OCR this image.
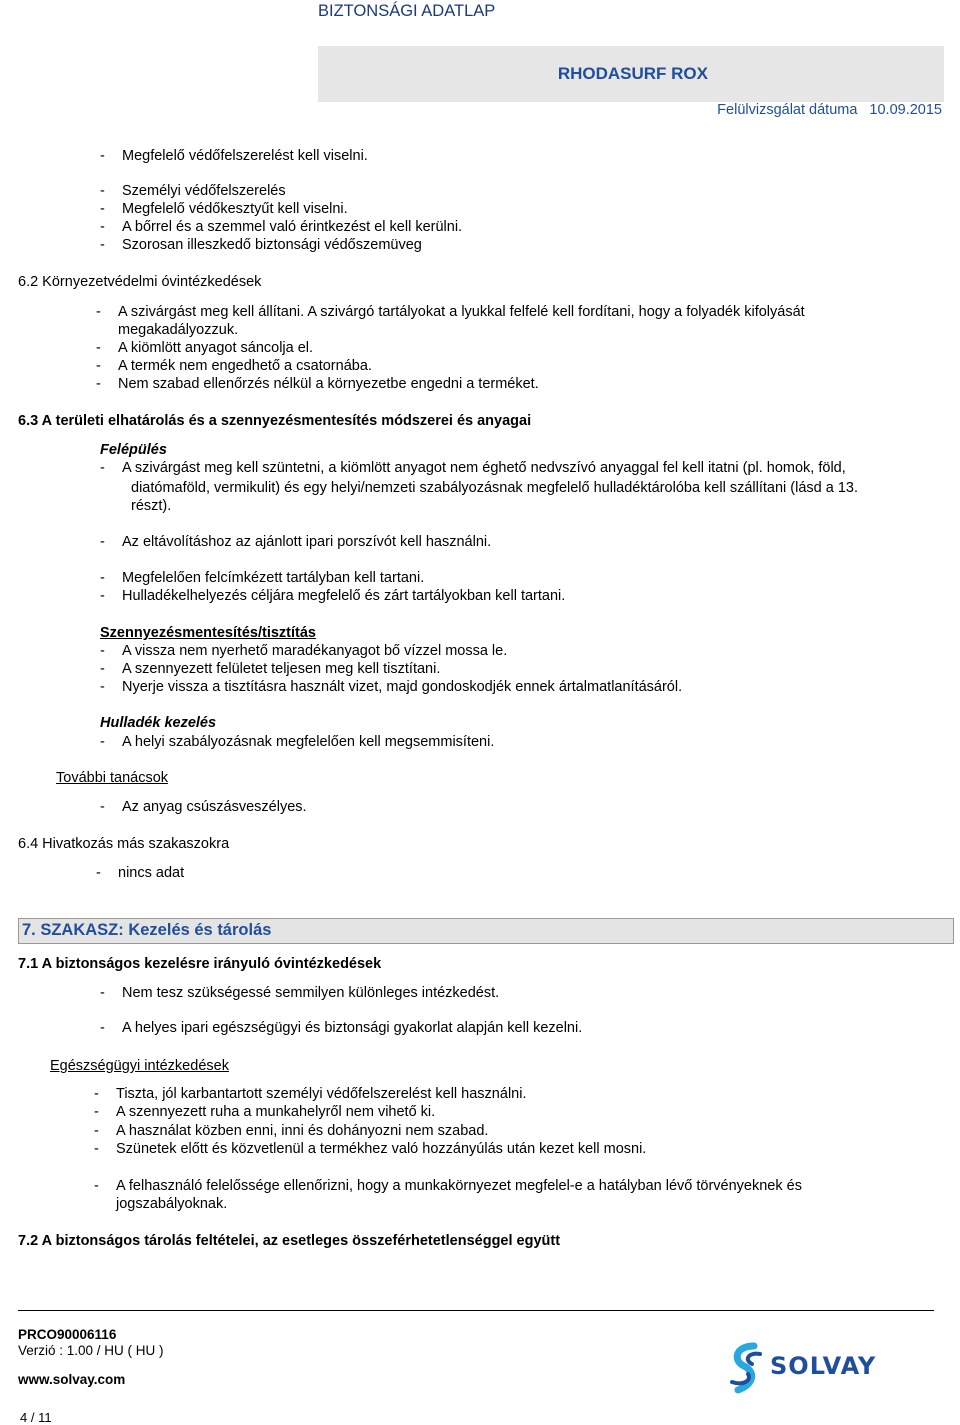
BIZTONSÁGI ADATLAP
RHODASURF ROX
Felülvizsgálat dátuma 10.09.2015
- Megfelelő védőfelszerelést kell viselni.
- Személyi védőfelszerelés
- Megfelelő védőkesztyűt kell viselni.
- A bőrrel és a szemmel való érintkezést el kell kerülni.
- Szorosan illeszkedő biztonsági védőszemüveg
6.2 Környezetvédelmi óvintézkedések
- A szivárgást meg kell állítani. A szivárgó tartályokat a lyukkal felfelé kell fordítani, hogy a folyadék kifolyását
megakadályozzuk.
- A kiömlött anyagot sáncolja el.
- A termék nem engedhető a csatornába.
- Nem szabad ellenőrzés nélkül a környezetbe engedni a terméket.
6.3 A területi elhatárolás és a szennyezésmentesítés módszerei és anyagai
Felépülés
- A szivárgást meg kell szüntetni, a kiömlött anyagot nem éghető nedvszívó anyaggal fel kell itatni (pl. homok, föld,
diatómaföld, vermikulit) és egy helyi/nemzeti szabályozásnak megfelelő hulladéktárolóba kell szállítani (lásd a 13.
részt).
- Az eltávolításhoz az ajánlott ipari porszívót kell használni.
- Megfelelően felcímkézett tartályban kell tartani.
- Hulladékelhelyezés céljára megfelelő és zárt tartályokban kell tartani.
Szennyezésmentesítés/tisztítás
- A vissza nem nyerhető maradékanyagot bő vízzel mossa le.
- A szennyezett felületet teljesen meg kell tisztítani.
- Nyerje vissza a tisztításra használt vizet, majd gondoskodjék ennek ártalmatlanításáról.
Hulladék kezelés
- A helyi szabályozásnak megfelelően kell megsemmisíteni.
További tanácsok
- Az anyag csúszásveszélyes.
6.4 Hivatkozás más szakaszokra
- nincs adat
7. SZAKASZ: Kezelés és tárolás
7.1 A biztonságos kezelésre irányuló óvintézkedések
- Nem tesz szükségessé semmilyen különleges intézkedést.
- A helyes ipari egészségügyi és biztonsági gyakorlat alapján kell kezelni.
Egészségügyi intézkedések
- Tiszta, jól karbantartott személyi védőfelszerelést kell használni.
- A szennyezett ruha a munkahelyről nem vihető ki.
- A használat közben enni, inni és dohányozni nem szabad.
- Szünetek előtt és közvetlenül a termékhez való hozzányúlás után kezet kell mosni.
- A felhasználó felelőssége ellenőrizni, hogy a munkakörnyezet megfelel-e a hatályban lévő törvényeknek és
jogszabályoknak.
7.2 A biztonságos tárolás feltételei, az esetleges összeférhetetlenséggel együtt
PRCO90006116
Verzió : 1.00 / HU ( HU )
www.solvay.com
4 / 11
SOLVAY
